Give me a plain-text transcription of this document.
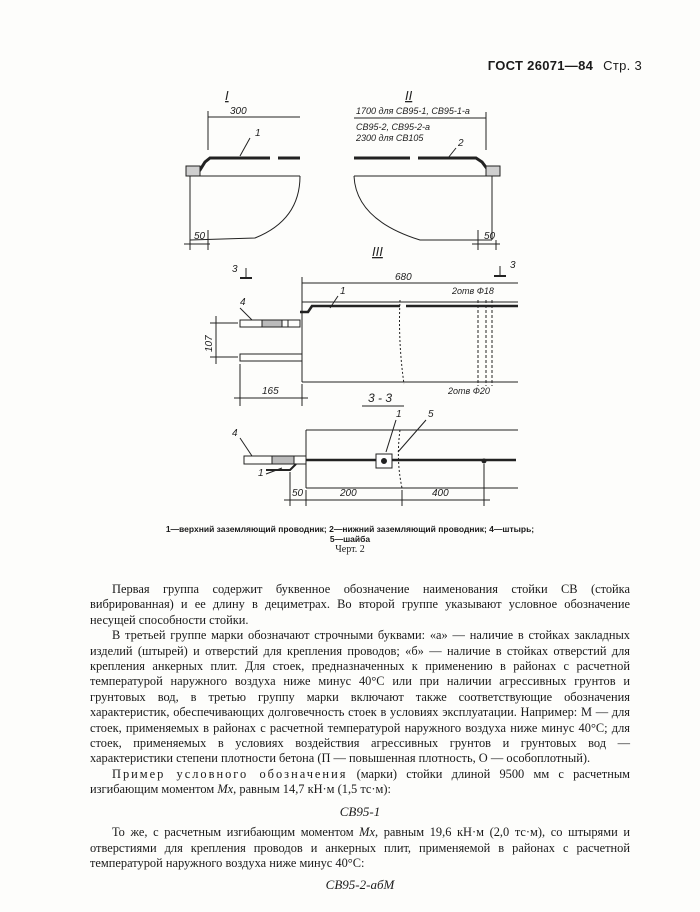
ГОСТ 26071—84 Стр. 3
I
300
1
50
II
1700 для СВ95-1, СВ95-1-а
СВ95-2, СВ95-2-а
2300 для СВ105	2
50
III
3	3
680
1	2отв Ф18
4
107
165	2отв Ф20
3 - 3
1	5
4
1
50	200	400
1—верхний заземляющий проводник; 2—нижний заземляющий проводник; 4—штырь;
5—шайба
Черт. 2

Первая группа содержит буквенное обозначение наименования стойки СВ (стойка вибрированная) и ее длину в дециметрах. Во второй группе указывают условное обозначение несущей способности стойки.

В третьей группе марки обозначают строчными буквами: «а» — наличие в стойках закладных изделий (штырей) и отверстий для крепления проводов; «б» — наличие в стойках отверстий для крепления анкерных плит. Для стоек, предназначенных к применению в районах с расчетной температурой наружного воздуха ниже минус 40°С или при наличии агрессивных грунтов и грунтовых вод, в третью группу марки включают также соответствующие обозначения характеристик, обеспечивающих долговечность стоек в условиях эксплуатации. Например: М — для стоек, применяемых в районах с расчетной температурой наружного воздуха ниже минус 40°С; для стоек, применяемых в условиях воздействия агрессивных грунтов и грунтовых вод — характеристики степени плотности бетона (П — повышенная плотность, О — особоплотный).

Пример условного обозначения (марки) стойки длиной 9500 мм с расчетным изгибающим моментом Mx, равным 14,7 кН·м (1,5 тс·м):

СВ95-1

То же, с расчетным изгибающим моментом Mx, равным 19,6 кН·м (2,0 тс·м), со штырями и отверстиями для крепления проводов и анкерных плит, применяемой в районах с расчетной температурой наружного воздуха ниже минус 40°С:

СВ95-2-абМ
